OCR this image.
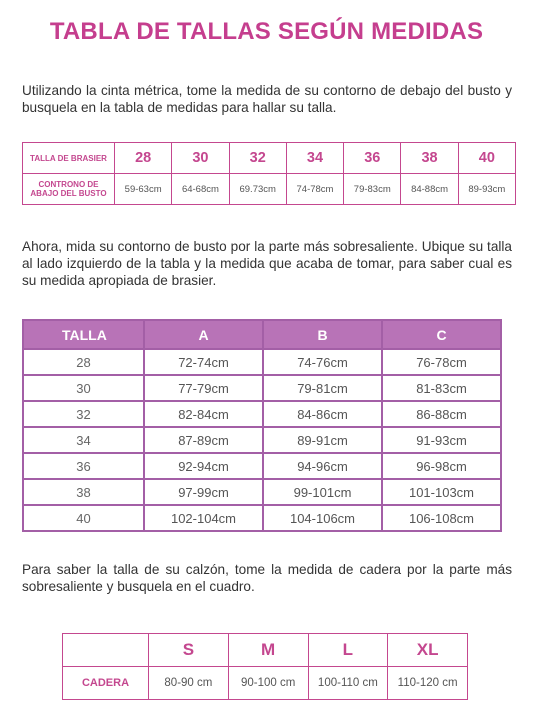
TABLA DE TALLAS SEGÚN MEDIDAS
Utilizando la cinta métrica, tome la medida de su contorno de debajo del busto y busquela en la tabla de medidas para hallar su talla.
TALLA DE BRASIER	28	30	32	34	36	38	40

CONTRONO DE
ABAJO DEL BUSTO	59-63cm	64-68cm	69.73cm	74-78cm	79-83cm	84-88cm	89-93cm
Ahora, mida su contorno de busto por la parte más sobresaliente. Ubique su talla al lado izquierdo de la tabla y la medida que acaba de tomar, para saber cual es su medida apropiada de brasier.
TALLA	A	B	C
28	72-74cm	74-76cm	76-78cm
30	77-79cm	79-81cm	81-83cm
32	82-84cm	84-86cm	86-88cm
34	87-89cm	89-91cm	91-93cm
36	92-94cm	94-96cm	96-98cm
38	97-99cm	99-101cm	101-103cm
40	102-104cm	104-106cm	106-108cm
Para saber la talla de su calzón, tome la medida de cadera por la parte más sobresaliente y busquela en el cuadro.
	S	M	L	XL
CADERA	80-90 cm	90-100 cm	100-110 cm	110-120 cm
